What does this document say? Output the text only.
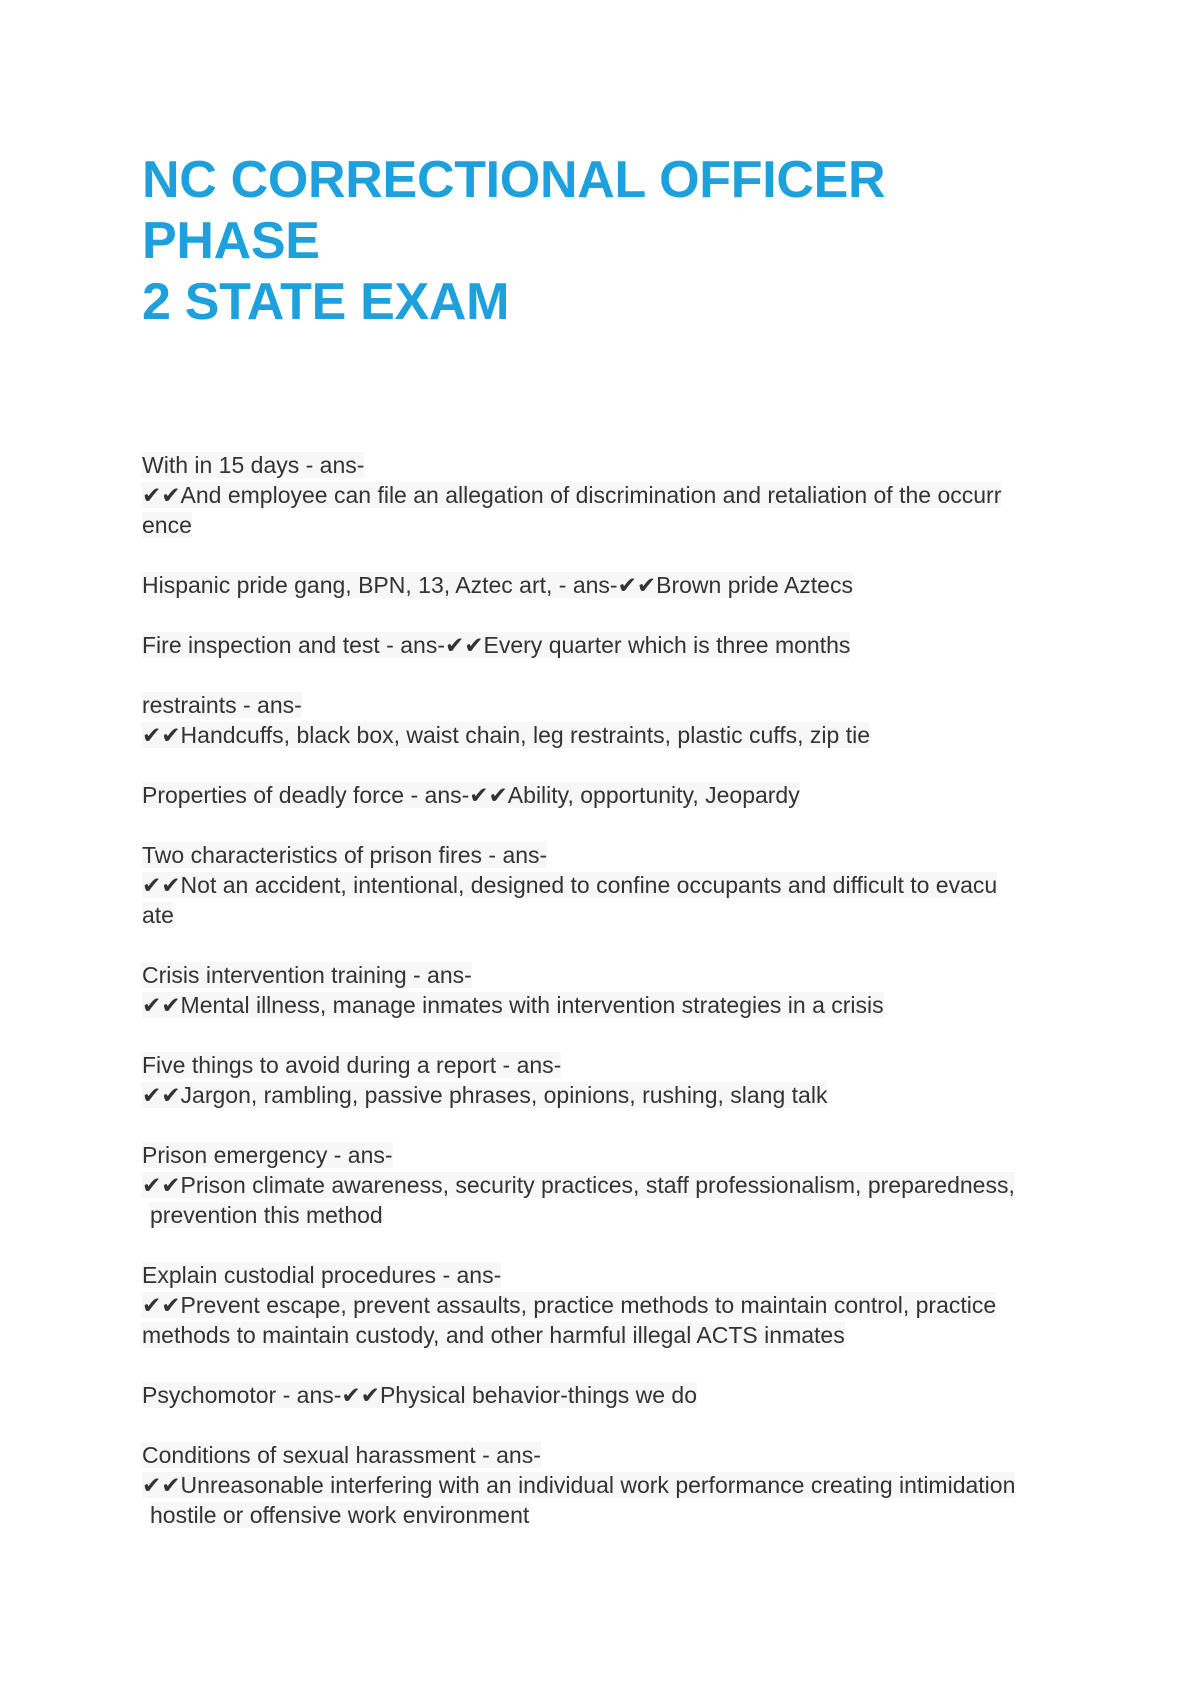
NC CORRECTIONAL OFFICER PHASE
2 STATE EXAM
With in 15 days - ans-
✔✔And employee can file an allegation of discrimination and retaliation of the occurr
ence
Hispanic pride gang, BPN, 13, Aztec art, - ans-✔✔Brown pride Aztecs
Fire inspection and test - ans-✔✔Every quarter which is three months
restraints - ans-
✔✔Handcuffs, black box, waist chain, leg restraints, plastic cuffs, zip tie
Properties of deadly force - ans-✔✔Ability, opportunity, Jeopardy
Two characteristics of prison fires - ans-
✔✔Not an accident, intentional, designed to confine occupants and difficult to evacu
ate
Crisis intervention training - ans-
✔✔Mental illness, manage inmates with intervention strategies in a crisis
Five things to avoid during a report - ans-
✔✔Jargon, rambling, passive phrases, opinions, rushing, slang talk
Prison emergency - ans-
✔✔Prison climate awareness, security practices, staff professionalism, preparedness,
prevention this method
Explain custodial procedures - ans-
✔✔Prevent escape, prevent assaults, practice methods to maintain control, practice
methods to maintain custody, and other harmful illegal ACTS inmates
Psychomotor - ans-✔✔Physical behavior-things we do
Conditions of sexual harassment - ans-
✔✔Unreasonable interfering with an individual work performance creating intimidation
hostile or offensive work environment
